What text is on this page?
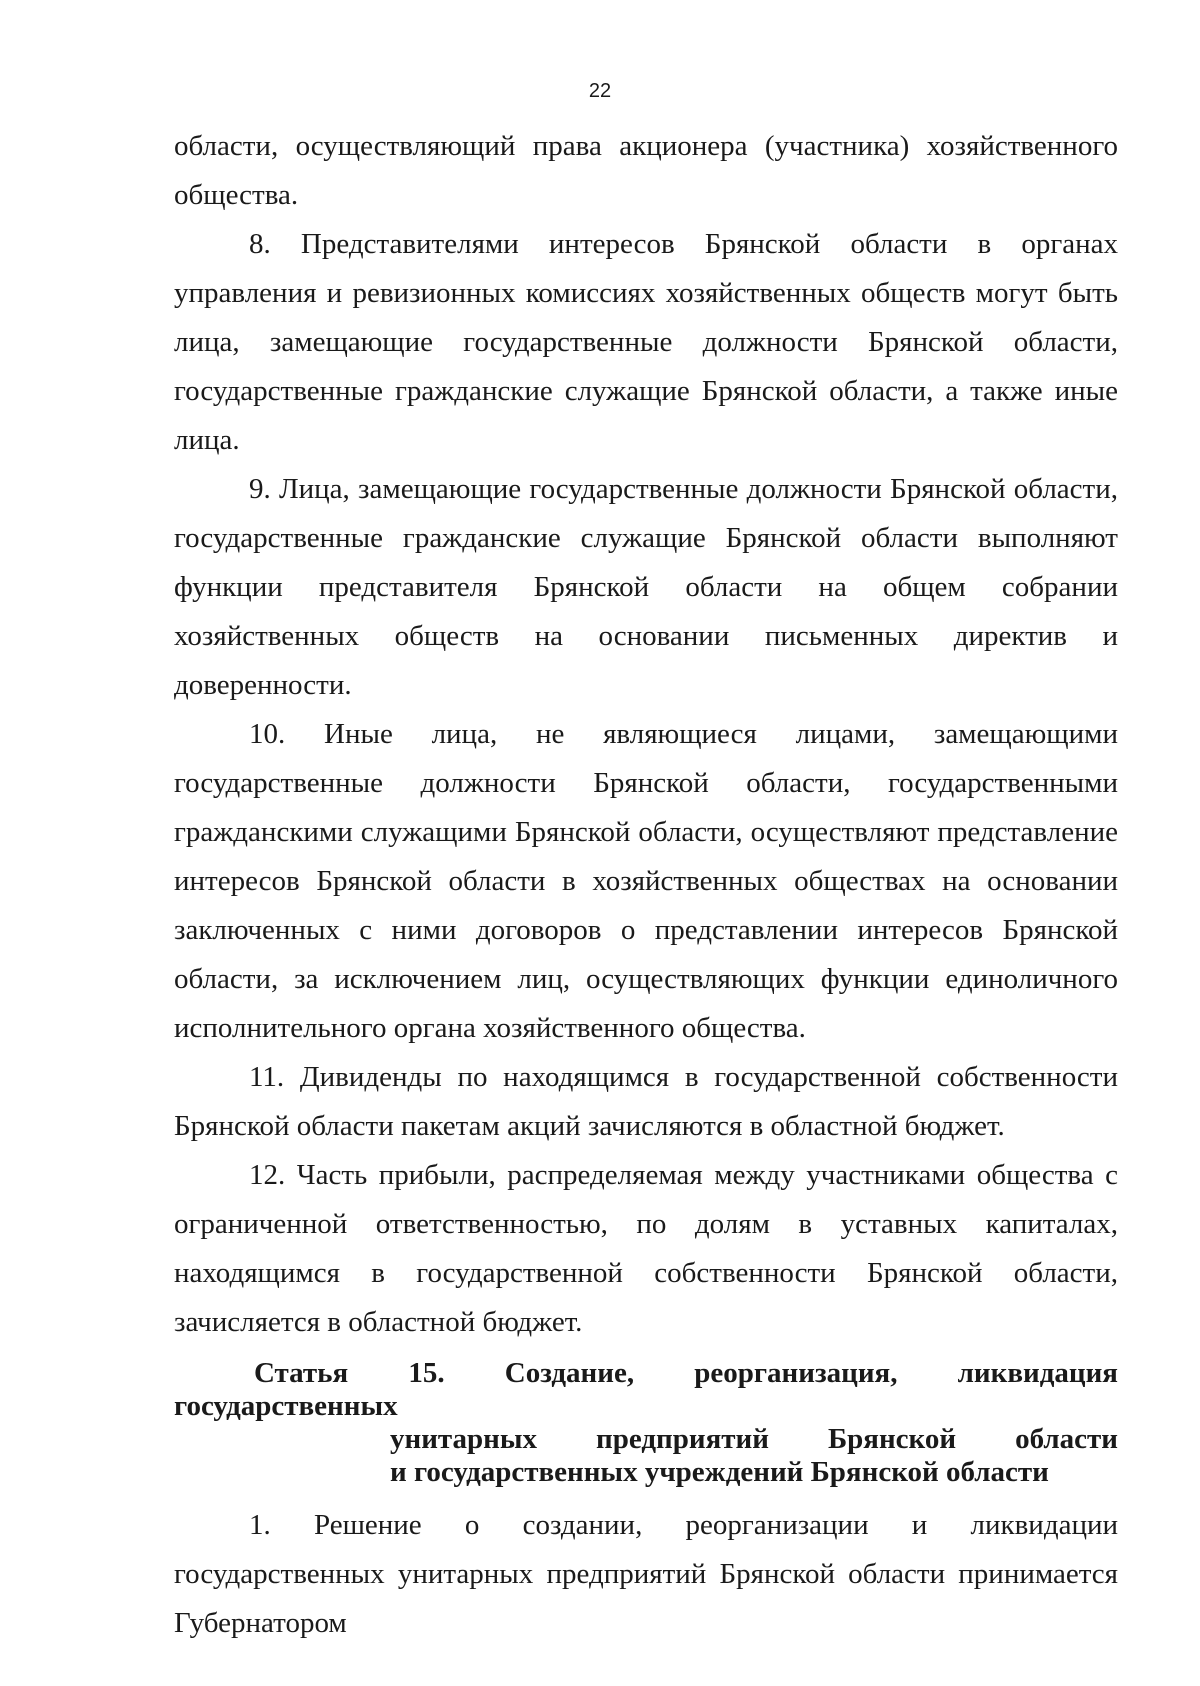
22

области, осуществляющий права акционера (участника) хозяйственного общества.

8. Представителями интересов Брянской области в органах управления и ревизионных комиссиях хозяйственных обществ могут быть лица, замещающие государственные должности Брянской области, государственные гражданские служащие Брянской области, а также иные лица.

9. Лица, замещающие государственные должности Брянской области, государственные гражданские служащие Брянской области выполняют функции представителя Брянской области на общем собрании хозяйственных обществ на основании письменных директив и доверенности.

10. Иные лица, не являющиеся лицами, замещающими государственные должности Брянской области, государственными гражданскими служащими Брянской области, осуществляют представление интересов Брянской области в хозяйственных обществах на основании заключенных с ними договоров о представлении интересов Брянской области, за исключением лиц, осуществляющих функции единоличного исполнительного органа хозяйственного общества.

11. Дивиденды по находящимся в государственной собственности Брянской области пакетам акций зачисляются в областной бюджет.

12. Часть прибыли, распределяемая между участниками общества с ограниченной ответственностью, по долям в уставных капиталах, находящимся в государственной собственности Брянской области, зачисляется в областной бюджет.

Статья 15. Создание, реорганизация, ликвидация государственных
унитарных предприятий Брянской области
и государственных учреждений Брянской области

1. Решение о создании, реорганизации и ликвидации государственных унитарных предприятий Брянской области принимается Губернатором
